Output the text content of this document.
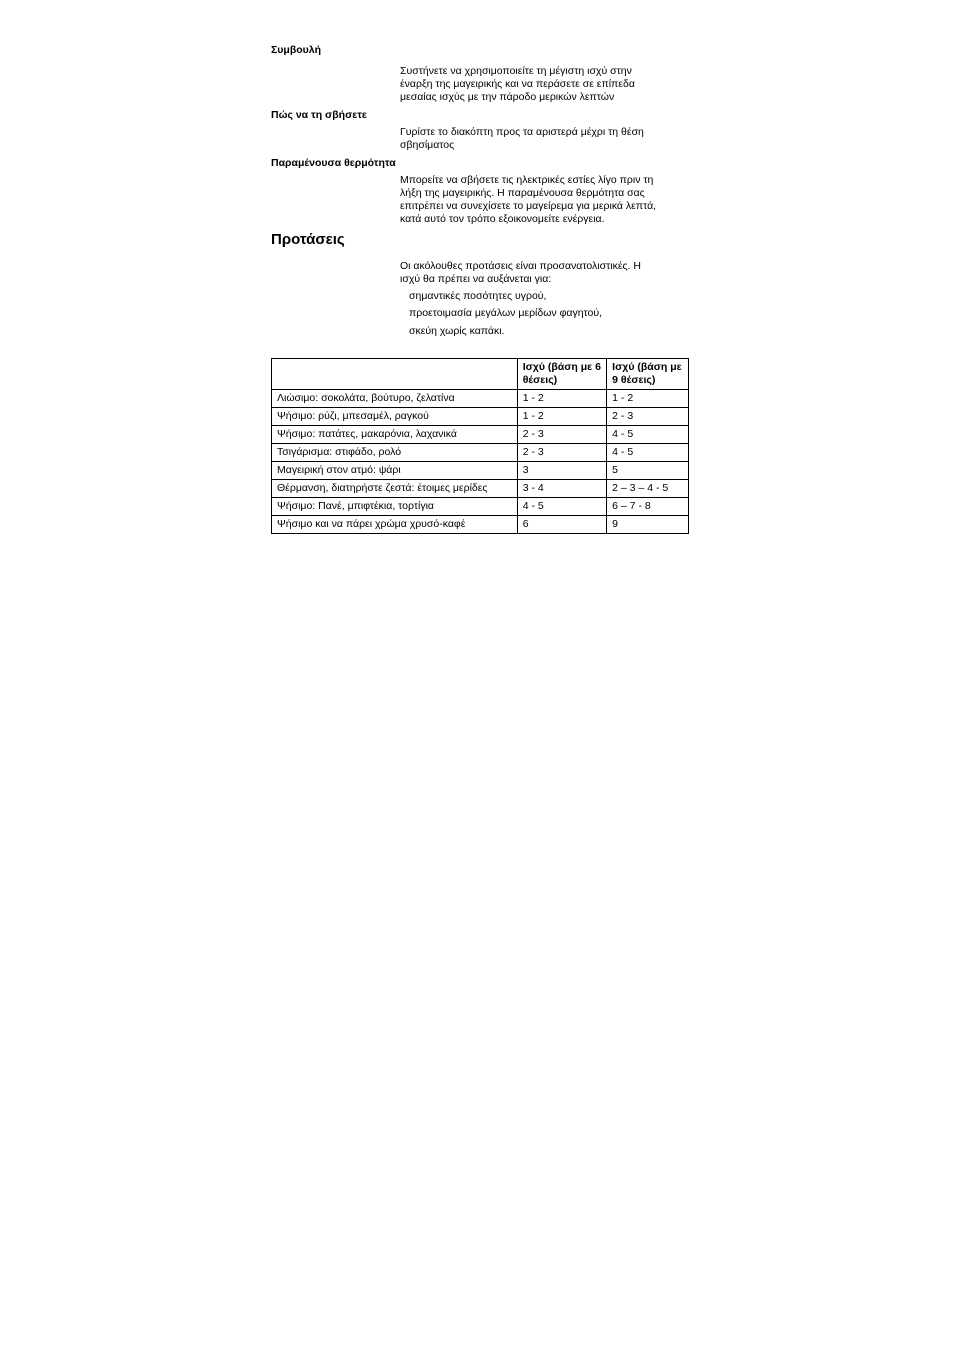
Συμβουλή
Συστήνετε να χρησιμοποιείτε τη μέγιστη ισχύ στην
έναρξη της μαγειρικής και να περάσετε σε επίπεδα
μεσαίας ισχύς με την πάροδο μερικών λεπτών
Πώς να τη σβήσετε
Γυρίστε το διακόπτη προς τα αριστερά μέχρι τη θέση
σβησίματος
Παραμένουσα θερμότητα
Μπορείτε να σβήσετε τις ηλεκτρικές εστίες λίγο πριν τη
λήξη της μαγειρικής. Η παραμένουσα θερμότητα σας
επιτρέπει να συνεχίσετε το μαγείρεμα για μερικά λεπτά,
κατά αυτό τον τρόπο εξοικονομείτε ενέργεια.
Προτάσεις
Οι ακόλουθες προτάσεις είναι προσανατολιστικές. Η
ισχύ θα πρέπει να αυξάνεται για:
σημαντικές ποσότητες υγρού,
προετοιμασία μεγάλων μερίδων φαγητού,
σκεύη χωρίς καπάκι.
	Ισχύ (βάση με 6 θέσεις)	Ισχύ (βάση με 9 θέσεις)
Λιώσιμο: σοκολάτα, βούτυρο, ζελατίνα	1 - 2	1 - 2
Ψήσιμο: ρύζι, μπεσαμέλ, ραγκού	1 - 2	2 - 3
Ψήσιμο: πατάτες, μακαρόνια, λαχανικά	2 - 3	4 - 5
Τσιγάρισμα: στιφάδο, ρολό	2 - 3	4 - 5
Μαγειρική στον ατμό: ψάρι	3	5
Θέρμανση, διατηρήστε ζεστά: έτοιμες μερίδες	3 - 4	2 – 3 – 4 - 5
Ψήσιμο: Πανέ, μπιφτέκια, τορτίγια	4 - 5	6 – 7 - 8
Ψήσιμο και να πάρει χρώμα χρυσό-καφέ	6	9
